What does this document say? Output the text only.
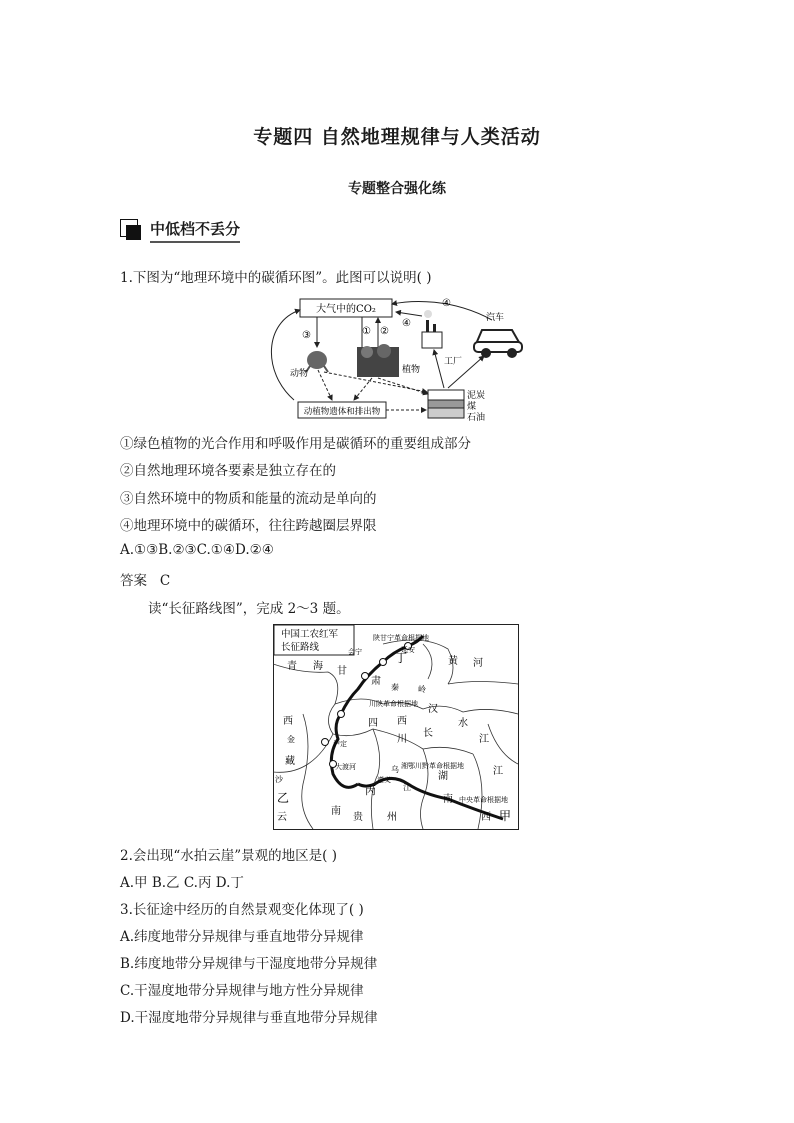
专题四 自然地理规律与人类活动
专题整合强化练
中低档不丢分
1.下图为“地理环境中的碳循环图”。此图可以说明( )
大气中的CO₂
① ②
③
④
④
工厂
汽车
动物	植物
动植物遗体和排出物
泥炭
煤
石油
①绿色植物的光合作用和呼吸作用是碳循环的重要组成部分
②自然地理环境各要素是独立存在的
③自然环境中的物质和能量的流动是单向的
④地理环境中的碳循环，往往跨越圈层界限
A.①③B.②③C.①④D.②④
答案 C
读“长征路线图”，完成 2～3 题。
中国工农红军
长征路线
青 海 甘
肃
丁
会宁
陕甘宁革命根据地
延安
黄 河
秦 岭
川陕革命根据地 汉
四
川
西	水
长
江
江
西
金
藏
泸定
沙
大渡河	乌
遵义
湘鄂川黔革命根据地
湖
南
丙	江
乙
云
南
贵 州
中央革命根据地
西 甲
2.会出现“水拍云崖”景观的地区是( )
A.甲 B.乙 C.丙 D.丁
3.长征途中经历的自然景观变化体现了( )
A.纬度地带分异规律与垂直地带分异规律
B.纬度地带分异规律与干湿度地带分异规律
C.干湿度地带分异规律与地方性分异规律
D.干湿度地带分异规律与垂直地带分异规律
